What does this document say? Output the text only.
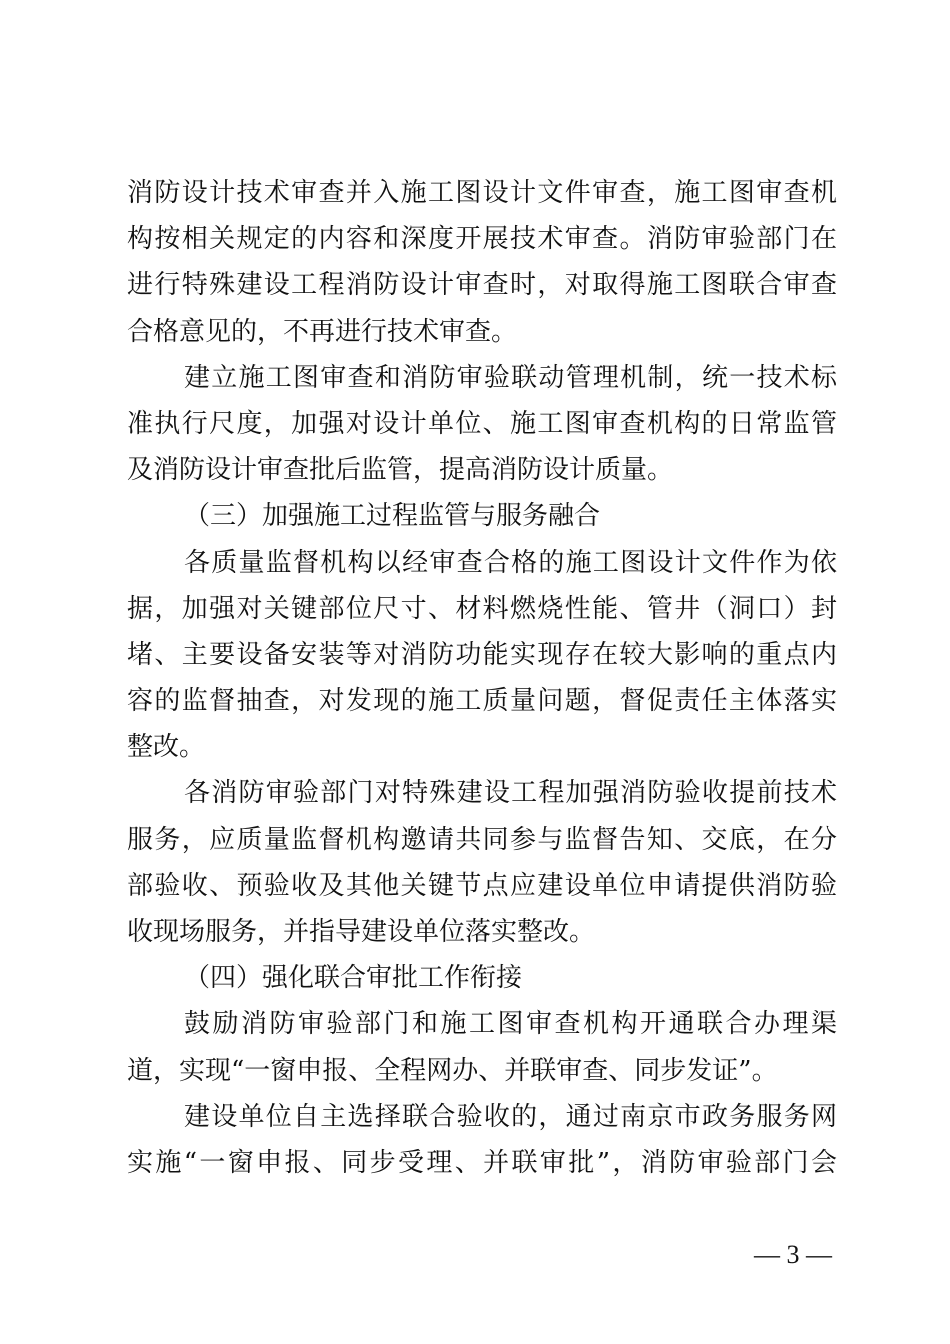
消防设计技术审查并入施工图设计文件审查，施工图审查机
构按相关规定的内容和深度开展技术审查。消防审验部门在
进行特殊建设工程消防设计审查时，对取得施工图联合审查
合格意见的，不再进行技术审查。
建立施工图审查和消防审验联动管理机制，统一技术标
准执行尺度，加强对设计单位、施工图审查机构的日常监管
及消防设计审查批后监管，提高消防设计质量。
（三）加强施工过程监管与服务融合
各质量监督机构以经审查合格的施工图设计文件作为依
据，加强对关键部位尺寸、材料燃烧性能、管井（洞口）封
堵、主要设备安装等对消防功能实现存在较大影响的重点内
容的监督抽查，对发现的施工质量问题，督促责任主体落实
整改。
各消防审验部门对特殊建设工程加强消防验收提前技术
服务，应质量监督机构邀请共同参与监督告知、交底，在分
部验收、预验收及其他关键节点应建设单位申请提供消防验
收现场服务，并指导建设单位落实整改。
（四）强化联合审批工作衔接
鼓励消防审验部门和施工图审查机构开通联合办理渠
道，实现“一窗申报、全程网办、并联审查、同步发证”。
建设单位自主选择联合验收的，通过南京市政务服务网
实施“一窗申报、同步受理、并联审批”，消防审验部门会
— 3 —
